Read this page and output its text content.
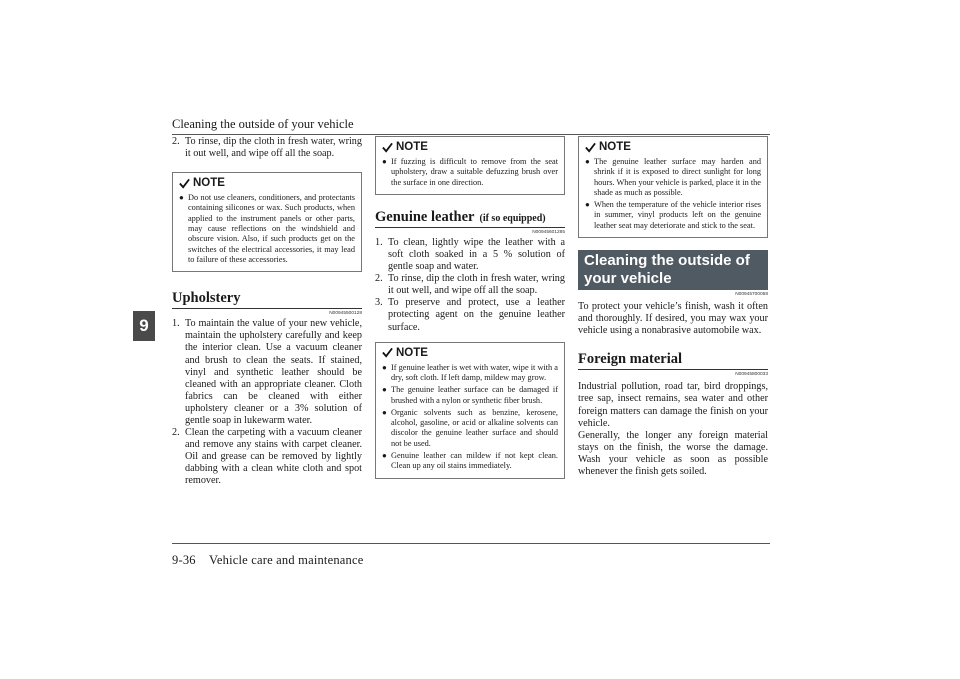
Cleaning the outside of your vehicle
9
2. To rinse, dip the cloth in fresh water, wring it out well, and wipe off all the soap.
NOTE
● Do not use cleaners, conditioners, and protectants containing silicones or wax. Such products, when applied to the instrument panels or other parts, may cause reflections on the windshield and obscure vision. Also, if such products get on the switches of the electrical accessories, it may lead to failure of these accessories.
Upholstery
N00945500128
1. To maintain the value of your new vehicle, maintain the upholstery carefully and keep the interior clean. Use a vacuum cleaner and brush to clean the seats. If stained, vinyl and synthetic leather should be cleaned with an appropriate cleaner. Cloth fabrics can be cleaned with either upholstery cleaner or a 3% solution of gentle soap in lukewarm water.
2. Clean the carpeting with a vacuum cleaner and remove any stains with carpet cleaner. Oil and grease can be removed by lightly dabbing with a clean white cloth and spot remover.
NOTE
● If fuzzing is difficult to remove from the seat upholstery, draw a suitable defuzzing brush over the surface in one direction.
Genuine leather (if so equipped)
N00945601285
1. To clean, lightly wipe the leather with a soft cloth soaked in a 5 % solution of gentle soap and water.
2. To rinse, dip the cloth in fresh water, wring it out well, and wipe off all the soap.
3. To preserve and protect, use a leather protecting agent on the genuine leather surface.
NOTE
● If genuine leather is wet with water, wipe it with a dry, soft cloth. If left damp, mildew may grow.
● The genuine leather surface can be damaged if brushed with a nylon or synthetic fiber brush.
● Organic solvents such as benzine, kerosene, alcohol, gasoline, or acid or alkaline solvents can discolor the genuine leather surface and should not be used.
● Genuine leather can mildew if not kept clean. Clean up any oil stains immediately.
NOTE
● The genuine leather surface may harden and shrink if it is exposed to direct sunlight for long hours. When your vehicle is parked, place it in the shade as much as possible.
● When the temperature of the vehicle interior rises in summer, vinyl products left on the genuine leather seat may deteriorate and stick to the seat.
Cleaning the outside of your vehicle
N00945700058
To protect your vehicle’s finish, wash it often and thoroughly. If desired, you may wax your vehicle using a nonabrasive automobile wax.
Foreign material
N00945800033
Industrial pollution, road tar, bird droppings, tree sap, insect remains, sea water and other foreign matters can damage the finish on your vehicle.
Generally, the longer any foreign material stays on the finish, the worse the damage. Wash your vehicle as soon as possible whenever the finish gets soiled.
9-36 Vehicle care and maintenance
